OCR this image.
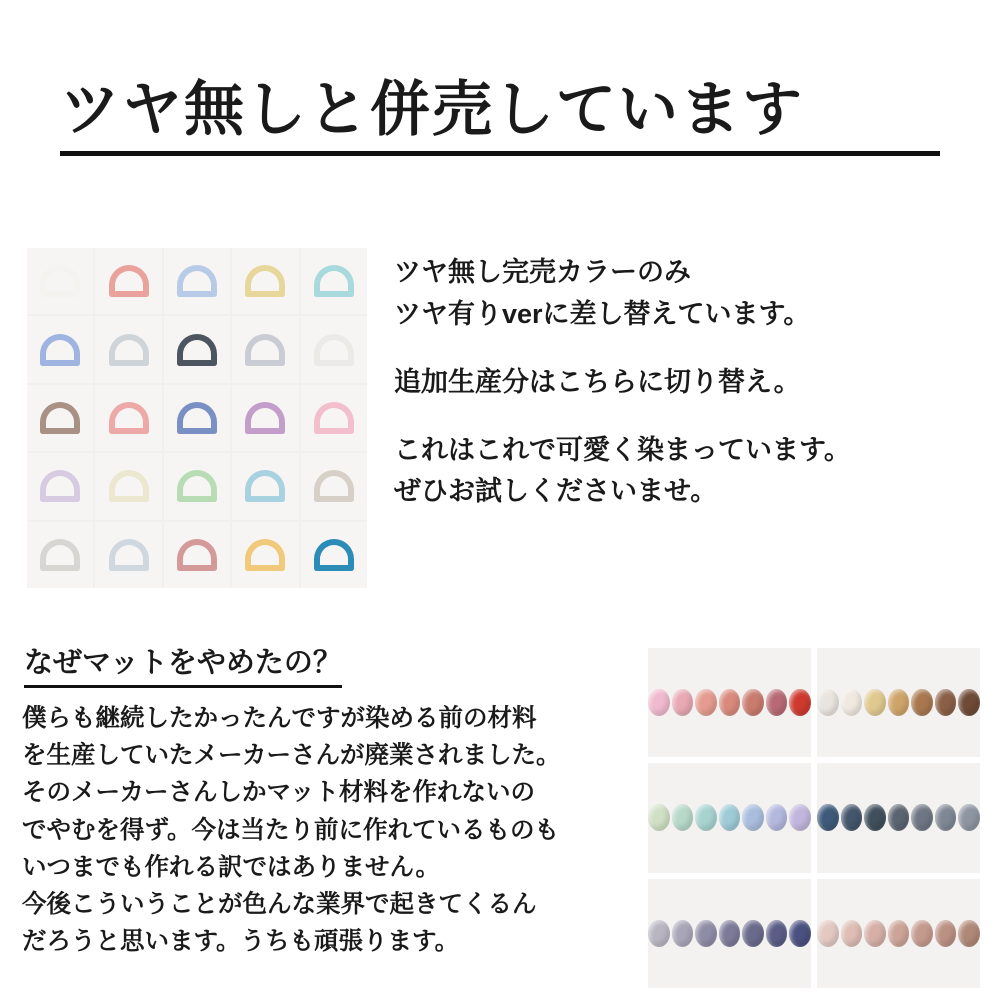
ツヤ無しと併売しています
ツヤ無し完売カラーのみ
ツヤ有りverに差し替えています。
追加生産分はこちらに切り替え。
これはこれで可愛く染まっています。
ぜひお試しくださいませ。
なぜマットをやめたの？
僕らも継続したかったんですが染める前の材料
を生産していたメーカーさんが廃業されました。
そのメーカーさんしかマット材料を作れないの
でやむを得ず。今は当たり前に作れているものも
いつまでも作れる訳ではありません。
今後こういうことが色んな業界で起きてくるん
だろうと思います。うちも頑張ります。
